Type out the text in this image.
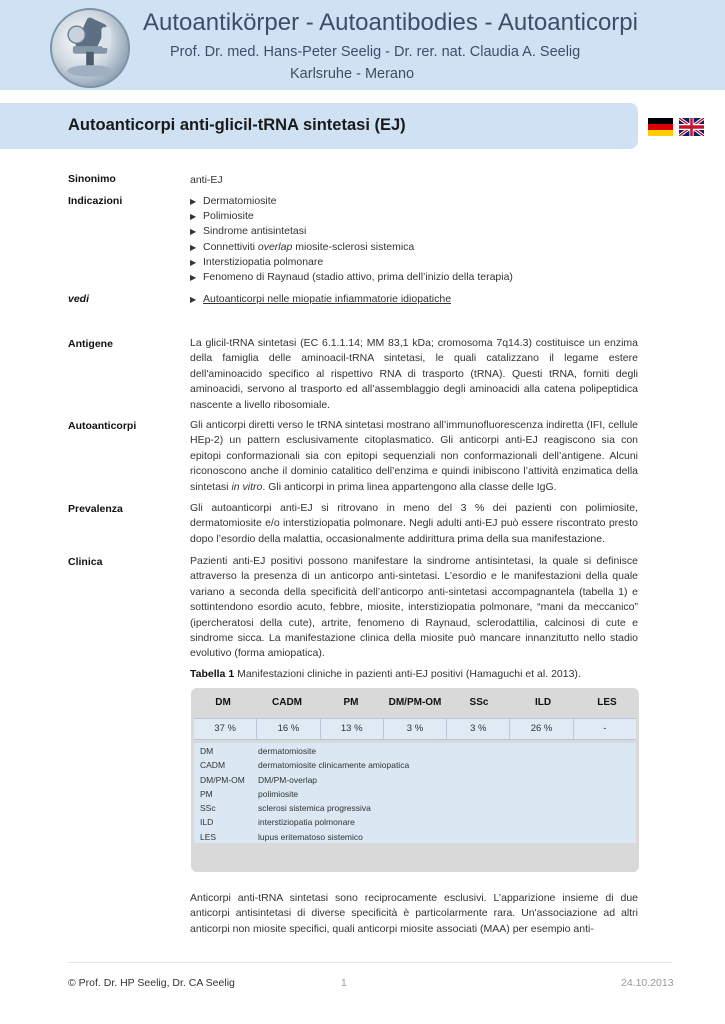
Autoantikörper - Autoantibodies - Autoanticorpi
Prof. Dr. med. Hans-Peter Seelig - Dr. rer. nat. Claudia A. Seelig
Karlsruhe - Merano
Autoanticorpi anti-glicil-tRNA sintetasi (EJ)
Sinonimo	anti-EJ
Indicazioni	▶ Dermatomiosite
▶ Polimiosite
▶ Sindrome antisintetasi
▶ Connettiviti overlap miosite-sclerosi sistemica
▶ Interstiziopatia polmonare
▶ Fenomeno di Raynaud (stadio attivo, prima dell’inizio della terapia)
vedi	▶ Autoanticorpi nelle miopatie infiammatorie idiopatiche
Antigene	La glicil-tRNA sintetasi (EC 6.1.1.14; MM 83,1 kDa; cromosoma 7q14.3) costituisce un enzima della famiglia delle aminoacil-tRNA sintetasi, le quali catalizzano il legame estere dell'aminoacido specifico al rispettivo RNA di trasporto (tRNA). Questi tRNA, forniti degli aminoacidi, servono al trasporto ed all’assemblaggio degli aminoacidi alla catena polipeptidica nascente a livello ribosomiale.
Autoanticorpi	Gli anticorpi diretti verso le tRNA sintetasi mostrano all’immunofluorescenza indiretta (IFI, cellule HEp-2) un pattern esclusivamente citoplasmatico. Gli anticorpi anti-EJ reagiscono sia con epitopi conformazionali sia con epitopi sequenziali non conformazionali dell’antigene. Alcuni riconoscono anche il dominio catalitico dell’enzima e quindi inibiscono l’attività enzimatica della sintetasi in vitro. Gli anticorpi in prima linea appartengono alla classe delle IgG.
Prevalenza	Gli autoanticorpi anti-EJ si ritrovano in meno del 3 % dei pazienti con polimiosite, dermatomiosite e/o interstiziopatia polmonare. Negli adulti anti-EJ può essere riscontrato presto dopo l’esordio della malattia, occasionalmente addirittura prima della sua manifestazione.
Clinica	Pazienti anti-EJ positivi possono manifestare la sindrome antisintetasi, la quale si definisce attraverso la presenza di un anticorpo anti-sintetasi. L’esordio e le manifestazioni della quale variano a seconda della specificità dell’anticorpo anti-sintetasi accompagnantela (tabella 1) e sottintendono esordio acuto, febbre, miosite, interstiziopatia polmonare, “mani da meccanico” (ipercheratosi della cute), artrite, fenomeno di Raynaud, sclerodattilia, calcinosi di cute e sindrome sicca. La manifestazione clinica della miosite può mancare innanzitutto nello stadio evolutivo (forma amiopatica).
Tabella 1 Manifestazioni cliniche in pazienti anti-EJ positivi (Hamaguchi et al. 2013).
DM	CADM	PM	DM/PM-OM	SSc	ILD	LES
37 %	16 %	13 %	3 %	3 %	26 %	-
DM	dermatomiosite
CADM	dermatomiosite clinicamente amiopatica
DM/PM-OM	DM/PM-overlap
PM	polimiosite
SSc	sclerosi sistemica progressiva
ILD	interstiziopatia polmonare
LES	lupus eritematoso sistemico
Anticorpi anti-tRNA sintetasi sono reciprocamente esclusivi. L’apparizione insieme di due anticorpi antisintetasi di diverse specificità è particolarmente rara. Un'associazione ad altri anticorpi non miosite specifici, quali anticorpi miosite associati (MAA) per esempio anti-
© Prof. Dr. HP Seelig, Dr. CA Seelig	1	24.10.2013
